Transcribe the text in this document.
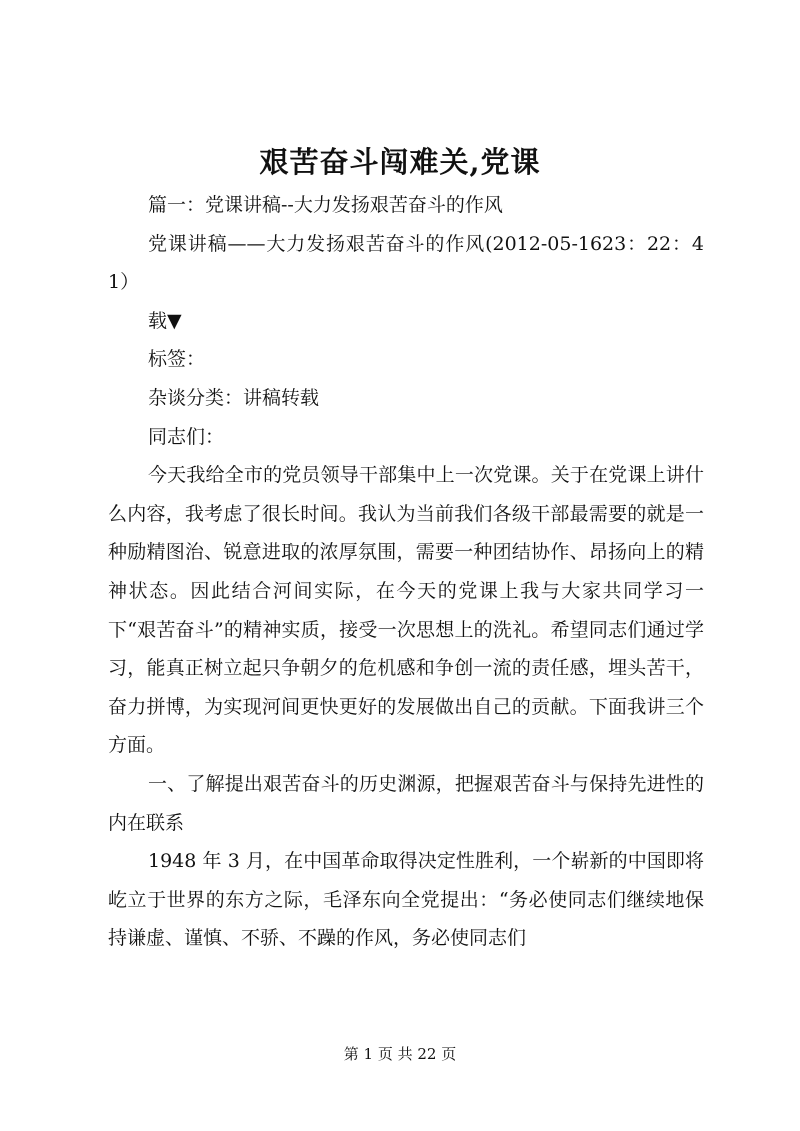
艰苦奋斗闯难关,党课

篇一：党课讲稿--大力发扬艰苦奋斗的作风

党课讲稿——大力发扬艰苦奋斗的作风(2012-05-1623：22：41）

载▼

标签：

杂谈分类：讲稿转载

同志们：

今天我给全市的党员领导干部集中上一次党课。关于在党课上讲什么内容，我考虑了很长时间。我认为当前我们各级干部最需要的就是一种励精图治、锐意进取的浓厚氛围，需要一种团结协作、昂扬向上的精神状态。因此结合河间实际，在今天的党课上我与大家共同学习一下“艰苦奋斗”的精神实质，接受一次思想上的洗礼。希望同志们通过学习，能真正树立起只争朝夕的危机感和争创一流的责任感，埋头苦干，奋力拼博，为实现河间更快更好的发展做出自己的贡献。下面我讲三个方面。

一、了解提出艰苦奋斗的历史渊源，把握艰苦奋斗与保持先进性的内在联系

1948 年 3 月，在中国革命取得决定性胜利，一个崭新的中国即将屹立于世界的东方之际，毛泽东向全党提出：“务必使同志们继续地保持谦虚、谨慎、不骄、不躁的作风，务必使同志们

第 1 页 共 22 页
